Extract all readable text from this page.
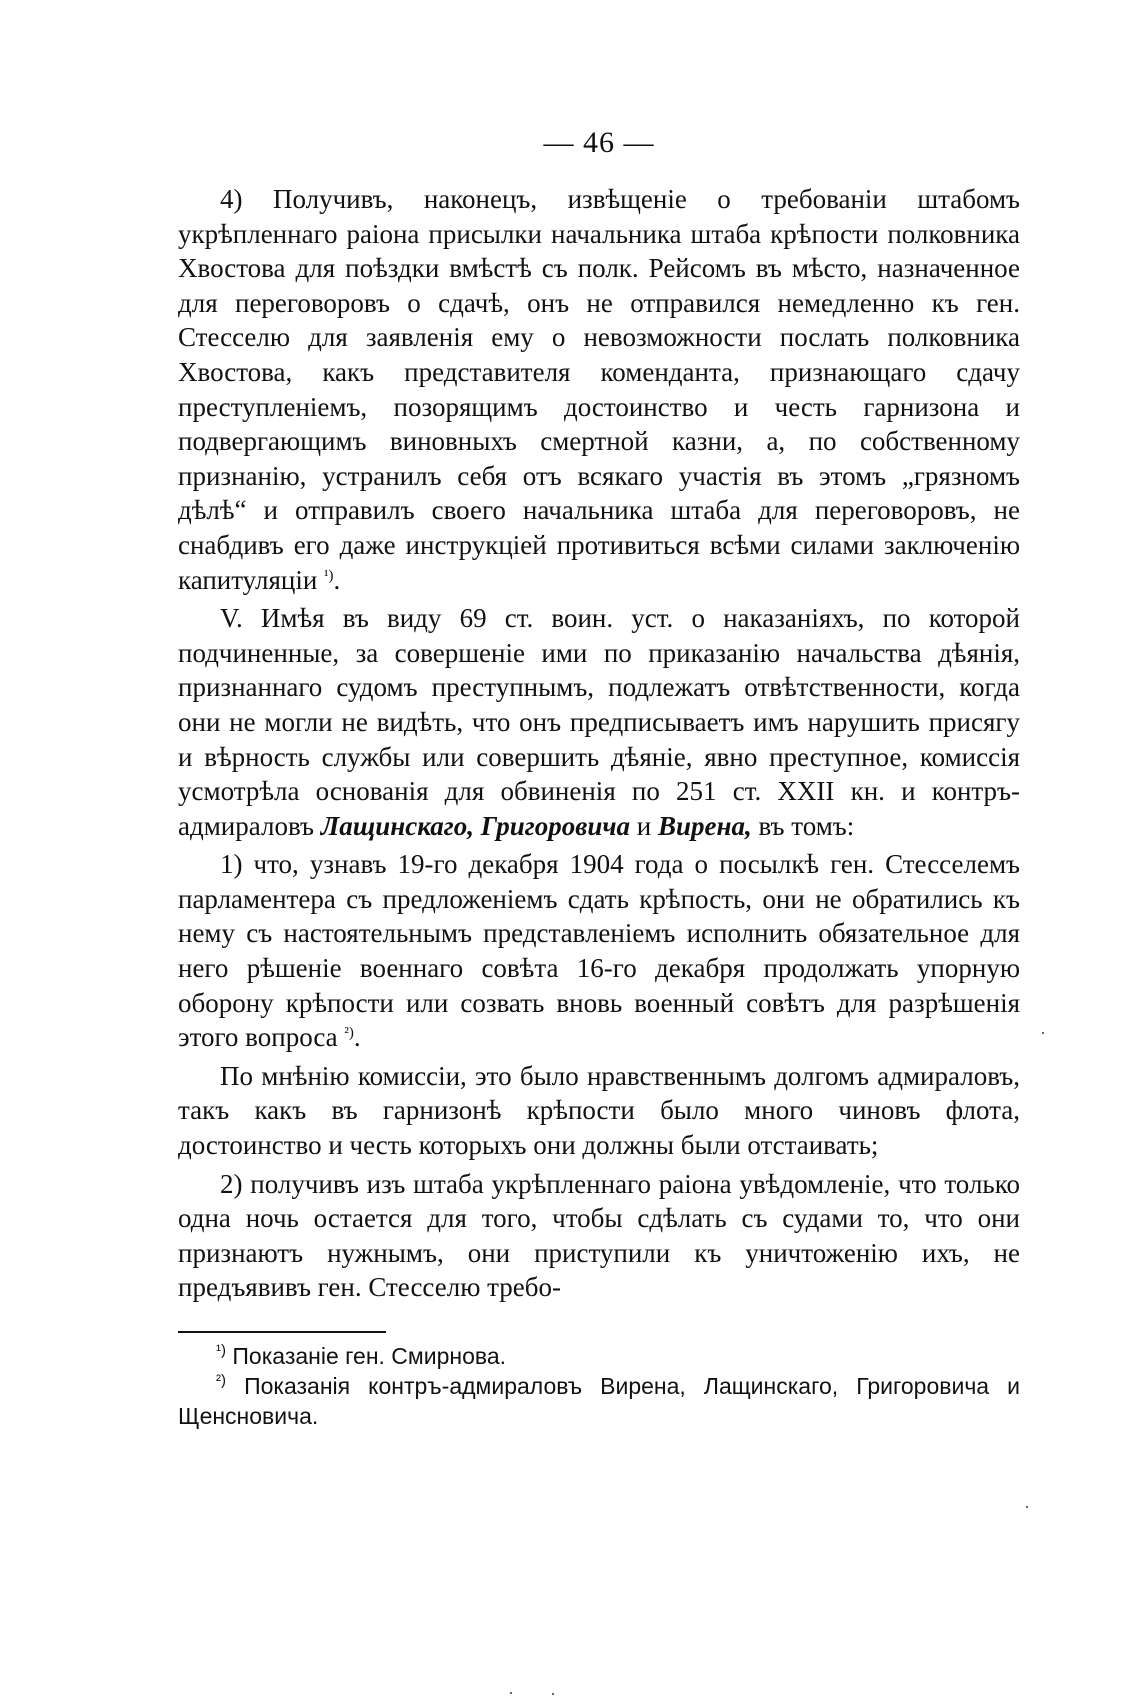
— 46 —

4) Получивъ, наконецъ, извѣщеніе о требованіи штабомъ укрѣпленнаго раіона присылки начальника штаба крѣпости полковника Хвостова для поѣздки вмѣстѣ съ полк. Рейсомъ въ мѣсто, назначенное для переговоровъ о сдачѣ, онъ не отправился немедленно къ ген. Стесселю для заявленія ему о невозможности послать полковника Хвостова, какъ представителя коменданта, признающаго сдачу преступленіемъ, позорящимъ достоинство и честь гарнизона и подвергающимъ виновныхъ смертной казни, а, по собственному признанію, устранилъ себя отъ всякаго участія въ этомъ „грязномъ дѣлѣ“ и отправилъ своего начальника штаба для переговоровъ, не снабдивъ его даже инструкціей противиться всѣми силами заключенію капитуляціи $^{^1)}$.

V. Имѣя въ виду 69 ст. воин. уст. о наказаніяхъ, по которой подчиненные, за совершеніе ими по приказанію начальства дѣянія, признаннаго судомъ преступнымъ, подлежатъ отвѣтственности, когда они не могли не видѣть, что онъ предписываетъ имъ нарушить присягу и вѣрность службы или совершить дѣяніе, явно преступное, комиссія усмотрѣла основанія для обвиненія по 251 ст. XXII кн. и контръ-адмираловъ Лащинскаго, Григоровича и Вирена, въ томъ:

1) что, узнавъ 19-го декабря 1904 года о посылкѣ ген. Стесселемъ парламентера съ предложеніемъ сдать крѣпость, они не обратились къ нему съ настоятельнымъ представленіемъ исполнить обязательное для него рѣшеніе военнаго совѣта 16-го декабря продолжать упорную оборону крѣпости или созвать вновь военный совѣтъ для разрѣшенія этого вопроса $^{^2)}$.

По мнѣнію комиссіи, это было нравственнымъ долгомъ адмираловъ, такъ какъ въ гарнизонѣ крѣпости было много чиновъ флота, достоинство и честь которыхъ они должны были отстаивать;

2) получивъ изъ штаба укрѣпленнаго раіона увѣдомленіе, что только одна ночь остается для того, чтобы сдѣлать съ судами то, что они признаютъ нужнымъ, они приступили къ уничтоженію ихъ, не предъявивъ ген. Стесселю требо-

$^{^1)}$ Показаніе ген. Смирнова.

$^{^2)}$ Показанія контръ-адмираловъ Вирена, Лащинскаго, Григоровича и Щенсновича.
